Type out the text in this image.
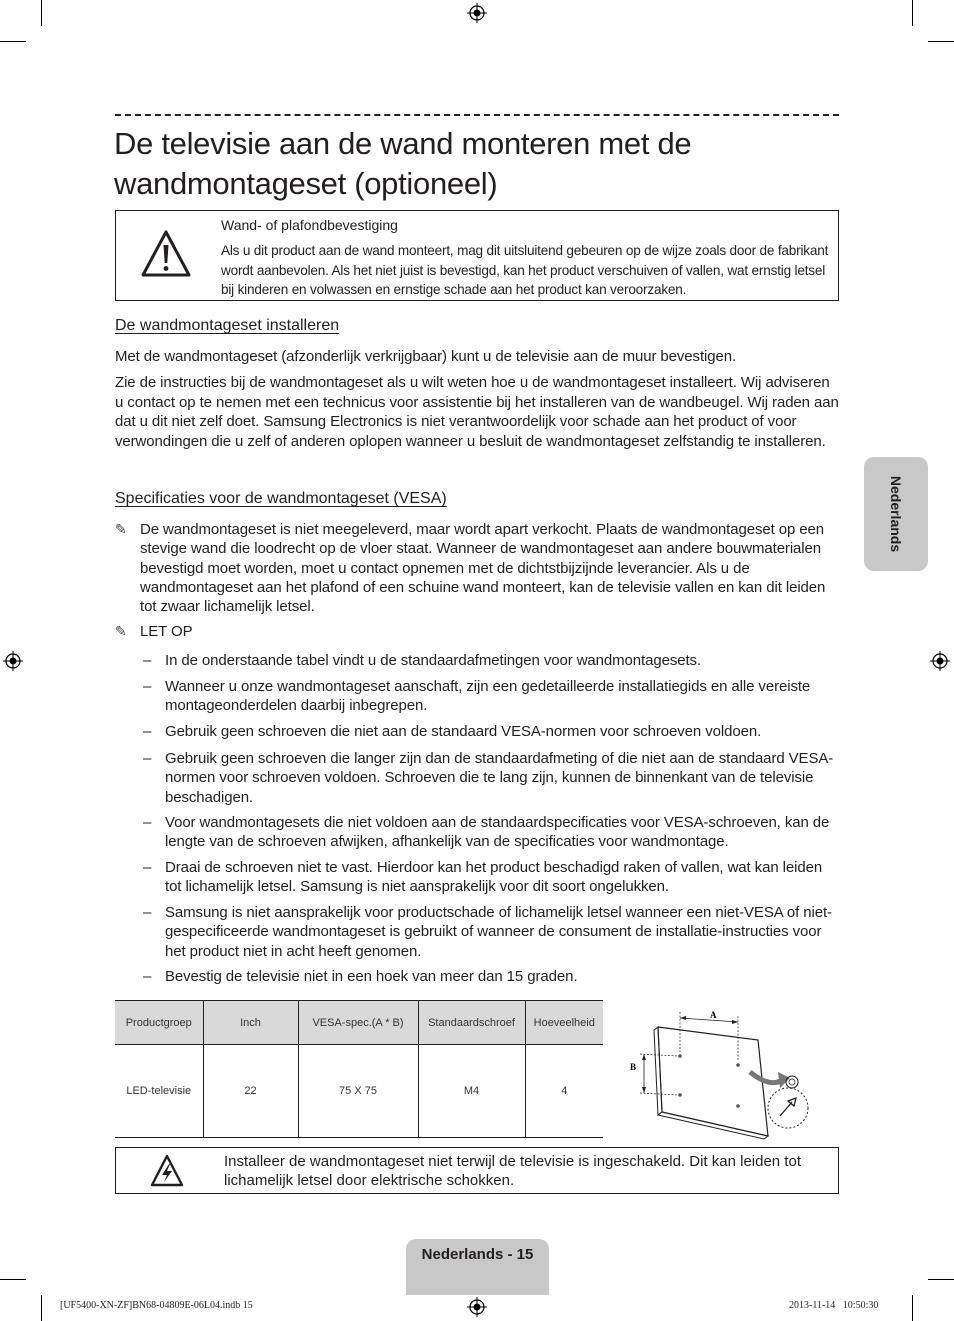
De televisie aan de wand monteren met de
wandmontageset (optioneel)
Wand- of plafondbevestiging
Als u dit product aan de wand monteert, mag dit uitsluitend gebeuren op de wijze zoals door de fabrikant wordt aanbevolen. Als het niet juist is bevestigd, kan het product verschuiven of vallen, wat ernstig letsel bij kinderen en volwassen en ernstige schade aan het product kan veroorzaken.
De wandmontageset installeren
Met de wandmontageset (afzonderlijk verkrijgbaar) kunt u de televisie aan de muur bevestigen.
Zie de instructies bij de wandmontageset als u wilt weten hoe u de wandmontageset installeert. Wij adviseren u contact op te nemen met een technicus voor assistentie bij het installeren van de wandbeugel. Wij raden aan dat u dit niet zelf doet. Samsung Electronics is niet verantwoordelijk voor schade aan het product of voor verwondingen die u zelf of anderen oplopen wanneer u besluit de wandmontageset zelfstandig te installeren.
Specificaties voor de wandmontageset (VESA)
✎ De wandmontageset is niet meegeleverd, maar wordt apart verkocht. Plaats de wandmontageset op een stevige wand die loodrecht op de vloer staat. Wanneer de wandmontageset aan andere bouwmaterialen bevestigd moet worden, moet u contact opnemen met de dichtstbijzijnde leverancier. Als u de wandmontageset aan het plafond of een schuine wand monteert, kan de televisie vallen en kan dit leiden tot zwaar lichamelijk letsel.
✎ LET OP
– In de onderstaande tabel vindt u de standaardafmetingen voor wandmontagesets.
– Wanneer u onze wandmontageset aanschaft, zijn een gedetailleerde installatiegids en alle vereiste montageonderdelen daarbij inbegrepen.
– Gebruik geen schroeven die niet aan de standaard VESA-normen voor schroeven voldoen.
– Gebruik geen schroeven die langer zijn dan de standaardafmeting of die niet aan de standaard VESA-normen voor schroeven voldoen. Schroeven die te lang zijn, kunnen de binnenkant van de televisie beschadigen.
– Voor wandmontagesets die niet voldoen aan de standaardspecificaties voor VESA-schroeven, kan de lengte van de schroeven afwijken, afhankelijk van de specificaties voor wandmontage.
– Draai de schroeven niet te vast. Hierdoor kan het product beschadigd raken of vallen, wat kan leiden tot lichamelijk letsel. Samsung is niet aansprakelijk voor dit soort ongelukken.
– Samsung is niet aansprakelijk voor productschade of lichamelijk letsel wanneer een niet-VESA of niet-gespecificeerde wandmontageset is gebruikt of wanneer de consument de installatie-instructies voor het product niet in acht heeft genomen.
– Bevestig de televisie niet in een hoek van meer dan 15 graden.
Productgroep	Inch	VESA-spec.(A * B)	Standaardschroef	Hoeveelheid
LED-televisie	22	75 X 75	M4	4
A
B
Installeer de wandmontageset niet terwijl de televisie is ingeschakeld. Dit kan leiden tot lichamelijk letsel door elektrische schokken.
Nederlands
Nederlands - 15
[UF5400-XN-ZF]BN68-04809E-06L04.indb 15	2013-11-14   10:50:30
